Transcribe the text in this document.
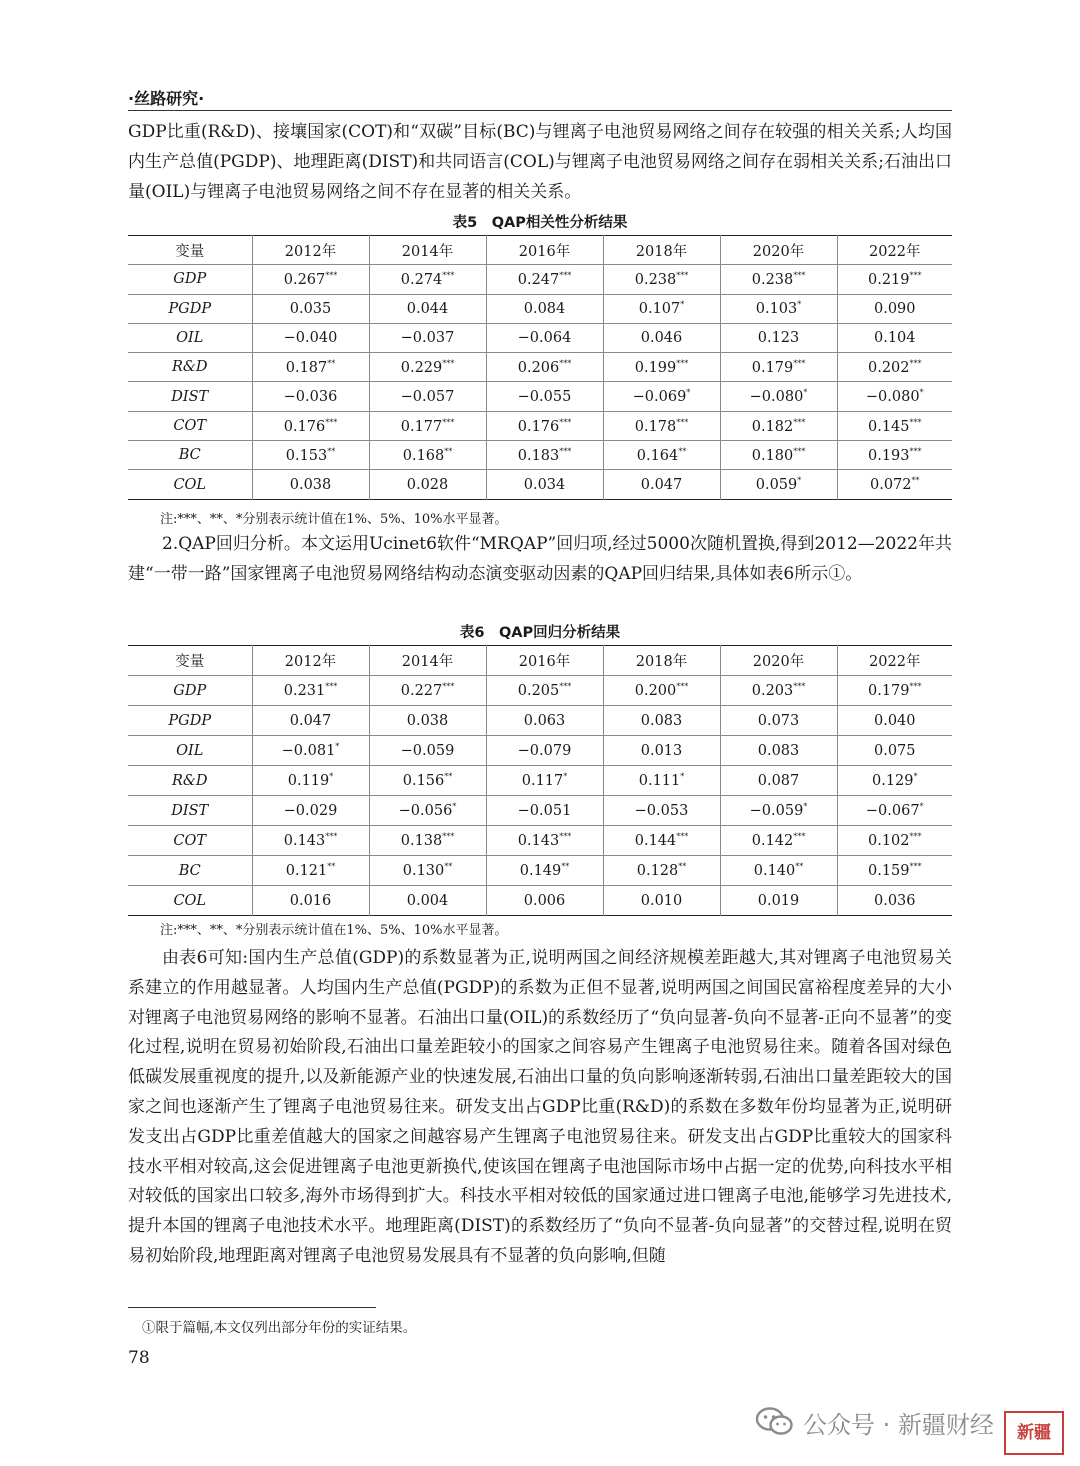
·丝路研究·

GDP比重(R&D)、接壤国家(COT)和“双碳”目标(BC)与锂离子电池贸易网络之间存在较强的相关关系;人均国内生产总值(PGDP)、地理距离(DIST)和共同语言(COL)与锂离子电池贸易网络之间存在弱相关关系;石油出口量(OIL)与锂离子电池贸易网络之间不存在显著的相关关系。

表5　QAP相关性分析结果
变量	2012年	2014年	2016年	2018年	2020年	2022年
GDP	0.267***	0.274***	0.247***	0.238***	0.238***	0.219***
PGDP	0.035	0.044	0.084	0.107*	0.103*	0.090
OIL	−0.040	−0.037	−0.064	0.046	0.123	0.104
R&D	0.187**	0.229***	0.206***	0.199***	0.179***	0.202***
DIST	−0.036	−0.057	−0.055	−0.069*	−0.080*	−0.080*
COT	0.176***	0.177***	0.176***	0.178***	0.182***	0.145***
BC	0.153**	0.168**	0.183***	0.164**	0.180***	0.193***
COL	0.038	0.028	0.034	0.047	0.059*	0.072**
注:***、**、*分别表示统计值在1%、5%、10%水平显著。

2.QAP回归分析。本文运用Ucinet6软件“MRQAP”回归项,经过5000次随机置换,得到2012—2022年共建“一带一路”国家锂离子电池贸易网络结构动态演变驱动因素的QAP回归结果,具体如表6所示①。

表6　QAP回归分析结果
变量	2012年	2014年	2016年	2018年	2020年	2022年
GDP	0.231***	0.227***	0.205***	0.200***	0.203***	0.179***
PGDP	0.047	0.038	0.063	0.083	0.073	0.040
OIL	−0.081*	−0.059	−0.079	0.013	0.083	0.075
R&D	0.119*	0.156**	0.117*	0.111*	0.087	0.129*
DIST	−0.029	−0.056*	−0.051	−0.053	−0.059*	−0.067*
COT	0.143***	0.138***	0.143***	0.144***	0.142***	0.102***
BC	0.121**	0.130**	0.149**	0.128**	0.140**	0.159***
COL	0.016	0.004	0.006	0.010	0.019	0.036
注:***、**、*分别表示统计值在1%、5%、10%水平显著。

由表6可知:国内生产总值(GDP)的系数显著为正,说明两国之间经济规模差距越大,其对锂离子电池贸易关系建立的作用越显著。人均国内生产总值(PGDP)的系数为正但不显著,说明两国之间国民富裕程度差异的大小对锂离子电池贸易网络的影响不显著。石油出口量(OIL)的系数经历了“负向显著-负向不显著-正向不显著”的变化过程,说明在贸易初始阶段,石油出口量差距较小的国家之间容易产生锂离子电池贸易往来。随着各国对绿色低碳发展重视度的提升,以及新能源产业的快速发展,石油出口量的负向影响逐渐转弱,石油出口量差距较大的国家之间也逐渐产生了锂离子电池贸易往来。研发支出占GDP比重(R&D)的系数在多数年份均显著为正,说明研发支出占GDP比重差值越大的国家之间越容易产生锂离子电池贸易往来。研发支出占GDP比重较大的国家科技水平相对较高,这会促进锂离子电池更新换代,使该国在锂离子电池国际市场中占据一定的优势,向科技水平相对较低的国家出口较多,海外市场得到扩大。科技水平相对较低的国家通过进口锂离子电池,能够学习先进技术,提升本国的锂离子电池技术水平。地理距离(DIST)的系数经历了“负向不显著-负向显著”的交替过程,说明在贸易初始阶段,地理距离对锂离子电池贸易发展具有不显著的负向影响,但随

①限于篇幅,本文仅列出部分年份的实证结果。
78
公众号 · 新疆财经	新疆
